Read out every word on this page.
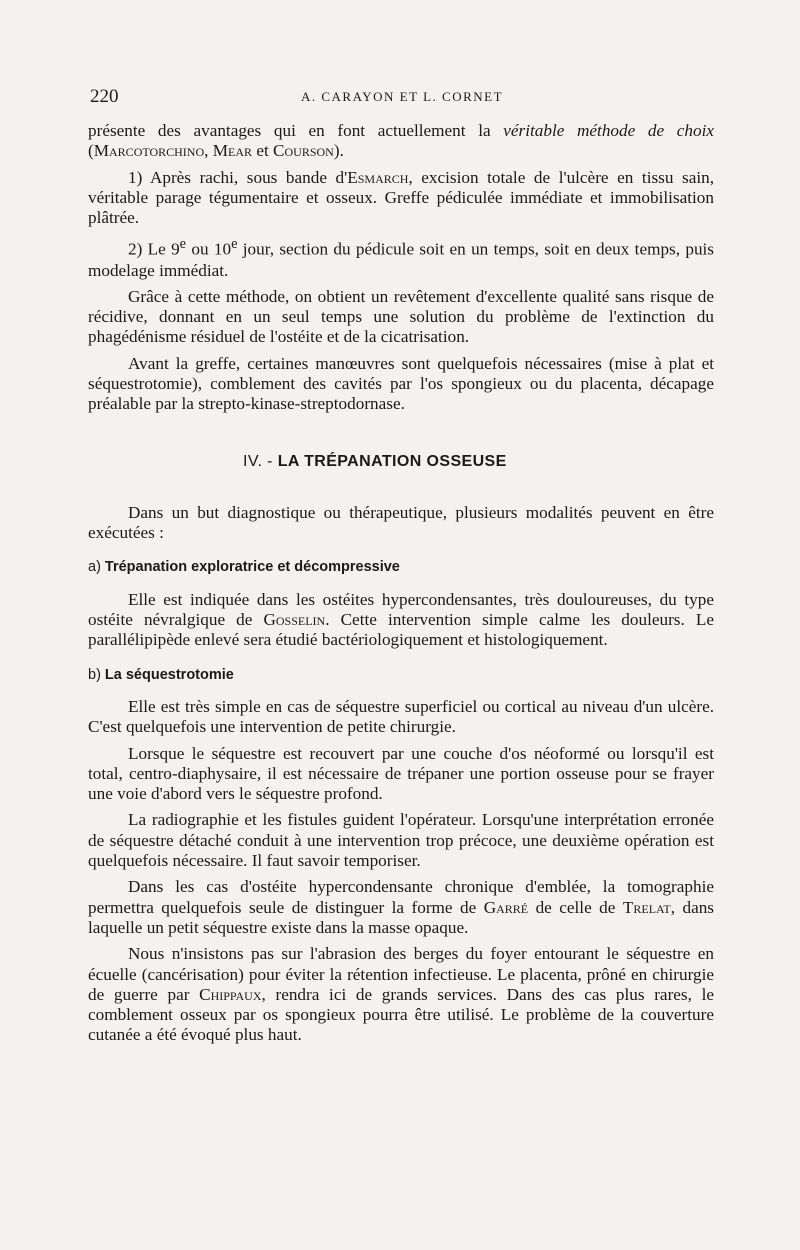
220	A. CARAYON ET L. CORNET

présente des avantages qui en font actuellement la véritable méthode de choix (Marcotorchino, Mear et Courson).

1) Après rachi, sous bande d'Esmarch, excision totale de l'ulcère en tissu sain, véritable parage tégumentaire et osseux. Greffe pédiculée immédiate et immobilisation plâtrée.

2) Le 9e ou 10e jour, section du pédicule soit en un temps, soit en deux temps, puis modelage immédiat.

Grâce à cette méthode, on obtient un revêtement d'excellente qualité sans risque de récidive, donnant en un seul temps une solution du problème de l'extinction du phagédénisme résiduel de l'ostéite et de la cicatrisation.

Avant la greffe, certaines manœuvres sont quelquefois nécessaires (mise à plat et séquestrotomie), comblement des cavités par l'os spongieux ou du placenta, décapage préalable par la strepto-kinase-streptodornase.

IV. - LA TRÉPANATION OSSEUSE

Dans un but diagnostique ou thérapeutique, plusieurs modalités peuvent en être exécutées :

a) Trépanation exploratrice et décompressive

Elle est indiquée dans les ostéites hypercondensantes, très douloureuses, du type ostéite névralgique de Gosselin. Cette intervention simple calme les douleurs. Le parallélipipède enlevé sera étudié bactériologiquement et histologiquement.

b) La séquestrotomie

Elle est très simple en cas de séquestre superficiel ou cortical au niveau d'un ulcère. C'est quelquefois une intervention de petite chirurgie.

Lorsque le séquestre est recouvert par une couche d'os néoformé ou lorsqu'il est total, centro-diaphysaire, il est nécessaire de trépaner une portion osseuse pour se frayer une voie d'abord vers le séquestre profond.

La radiographie et les fistules guident l'opérateur. Lorsqu'une interprétation erronée de séquestre détaché conduit à une intervention trop précoce, une deuxième opération est quelquefois nécessaire. Il faut savoir temporiser.

Dans les cas d'ostéite hypercondensante chronique d'emblée, la tomographie permettra quelquefois seule de distinguer la forme de Garré de celle de Trelat, dans laquelle un petit séquestre existe dans la masse opaque.

Nous n'insistons pas sur l'abrasion des berges du foyer entourant le séquestre en écuelle (cancérisation) pour éviter la rétention infectieuse. Le placenta, prôné en chirurgie de guerre par Chippaux, rendra ici de grands services. Dans des cas plus rares, le comblement osseux par os spongieux pourra être utilisé. Le problème de la couverture cutanée a été évoqué plus haut.
